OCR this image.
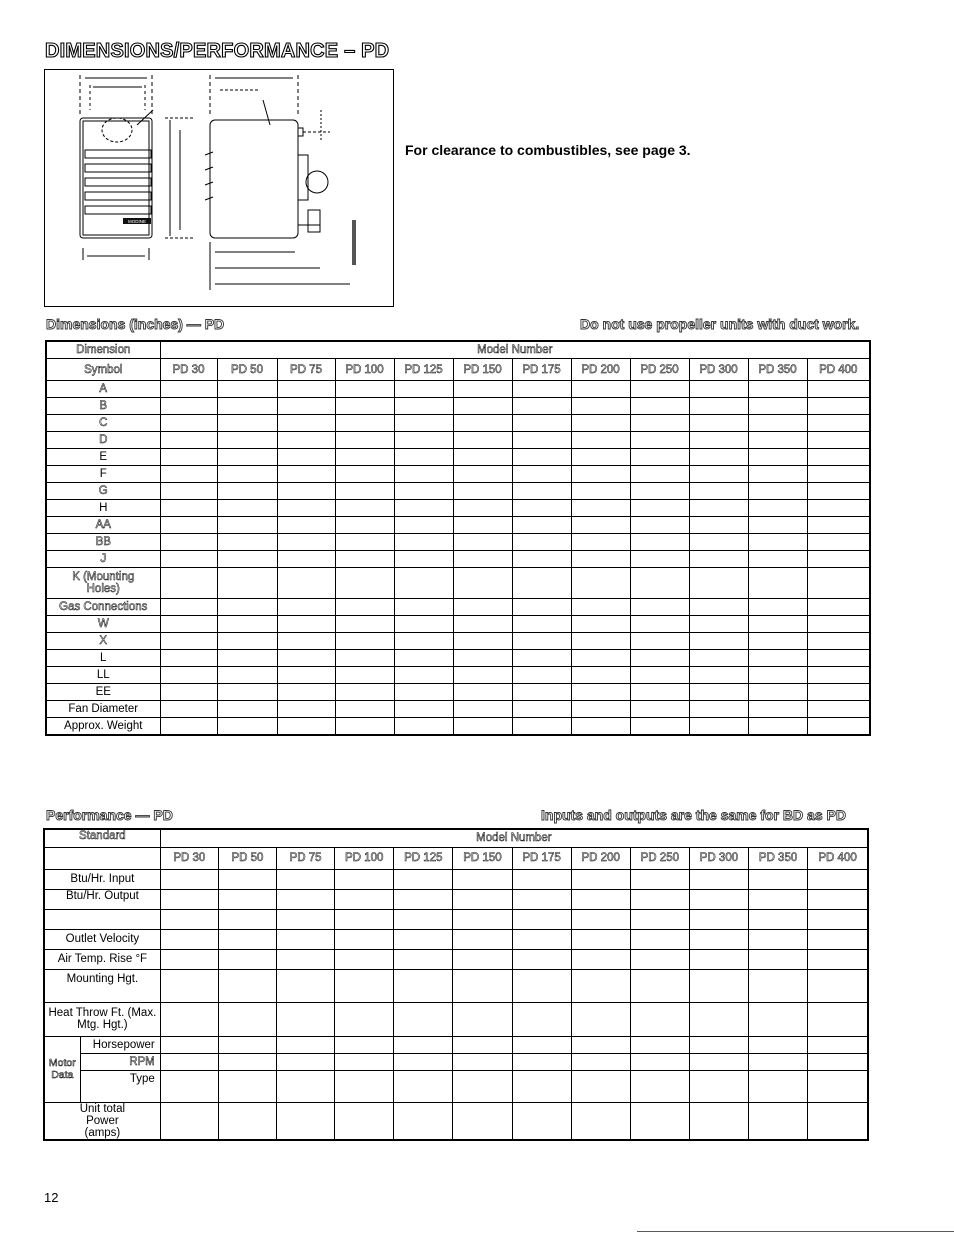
DIMENSIONS/PERFORMANCE – PD
MODINE
For clearance to combustibles, see page 3.
Dimensions (inches) — PD	Do not use propeller units with duct work.
Dimension	Model Number											
Symbol	PD 30	PD 50	PD 75	PD 100	PD 125	PD 150	PD 175	PD 200	PD 250	PD 300	PD 350	PD 400
A												
B												
C												
D												
E												
F												
G												
H												
AA												
BB												
J												
K (Mounting Holes)												
Gas Connections												
W												
X												
L												
LL												
EE												
Fan Diameter												
Approx. Weight												
Performance — PD	Inputs and outputs are the same for BD as PD
Standard		Model Number											
		PD 30	PD 50	PD 75	PD 100	PD 125	PD 150	PD 175	PD 200	PD 250	PD 300	PD 350	PD 400
Btu/Hr. Input													
Btu/Hr. Output													

Outlet Velocity													
Air Temp. Rise °F													
Mounting Hgt.													
Heat Throw Ft. (Max. Mtg. Hgt.)													
Motor Data	Horsepower												
	RPM												
	Type												
Unit total Power (amps)													
12
